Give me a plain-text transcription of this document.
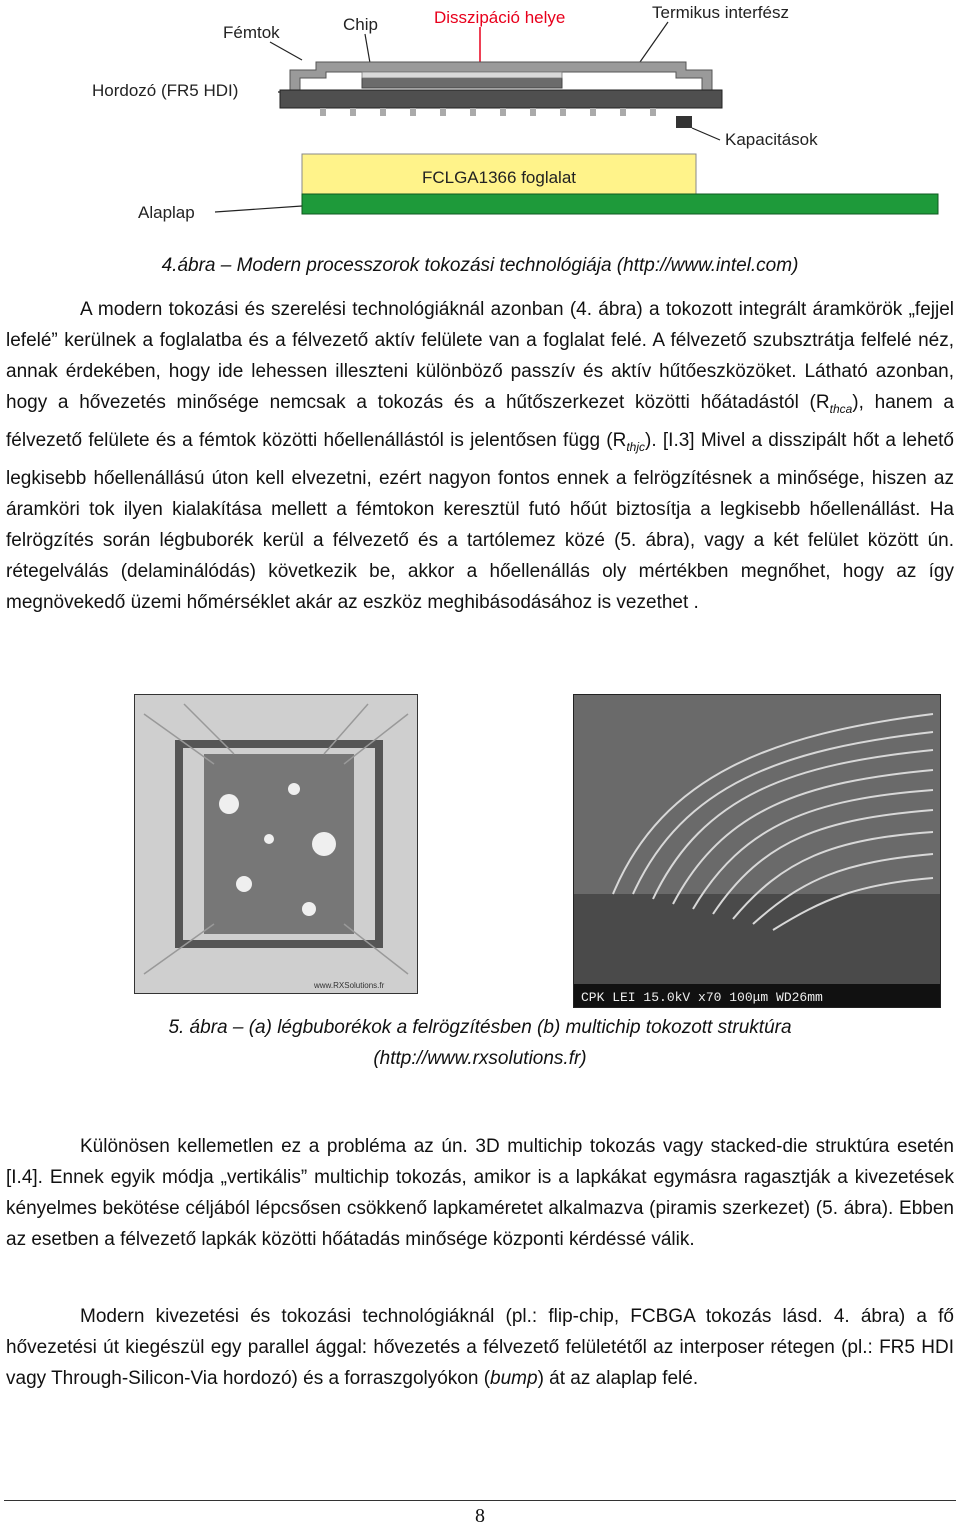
Fémtok	Chip	Disszipáció helye	Termikus interfész
Hordozó (FR5 HDI)
Kapacitások
Alaplap
FCLGA1366 foglalat
4.ábra – Modern processzorok tokozási technológiája (http://www.intel.com)

A modern tokozási és szerelési technológiáknál azonban (4. ábra) a tokozott integrált áramkörök „fejjel lefelé” kerülnek a foglalatba és a félvezető aktív felülete van a foglalat felé. A félvezető szubsztrátja felfelé néz, annak érdekében, hogy ide lehessen illeszteni különböző passzív és aktív hűtőeszközöket. Látható azonban, hogy a hővezetés minősége nemcsak a tokozás és a hűtőszerkezet közötti hőátadástól $(R_{thca})$, hanem a félvezető felülete és a fémtok közötti hőellenállástól is jelentősen függ $(R_{thjc})$. [I.3] Mivel a disszipált hőt a lehető legkisebb hőellenállású úton kell elvezetni, ezért nagyon fontos ennek a felrögzítésnek a minősége, hiszen az áramköri tok ilyen kialakítása mellett a fémtokon keresztül futó hőút biztosítja a legkisebb hőellenállást. Ha felrögzítés során légbuborék kerül a félvezető és a tartólemez közé (5. ábra), vagy a két felület között ún. rétegelválás (delaminálódás) következik be, akkor a hőellenállás oly mértékben megnőhet, hogy az így megnövekedő üzemi hőmérséklet akár az eszköz meghibásodásához is vezethet .

www.RXSolutions.fr
CPK LEI 15.0kV x70 100μm WD26mm
5. ábra – (a) légbuborékok a felrögzítésben (b) multichip tokozott struktúra
(http://www.rxsolutions.fr)

Különösen kellemetlen ez a probléma az ún. 3D multichip tokozás vagy stacked-die struktúra esetén [I.4]. Ennek egyik módja „vertikális” multichip tokozás, amikor is a lapkákat egymásra ragasztják a kivezetések kényelmes bekötése céljából lépcsősen csökkenő lapkaméretet alkalmazva (piramis szerkezet) (5. ábra). Ebben az esetben a félvezető lapkák közötti hőátadás minősége központi kérdéssé válik.

Modern kivezetési és tokozási technológiáknál (pl.: flip-chip, FCBGA tokozás lásd. 4. ábra) a fő hővezetési út kiegészül egy parallel ággal: hővezetés a félvezető felületétől az interposer rétegen (pl.: FR5 HDI vagy Through-Silicon-Via hordozó) és a forraszgolyókon (bump) át az alaplap felé.

8
